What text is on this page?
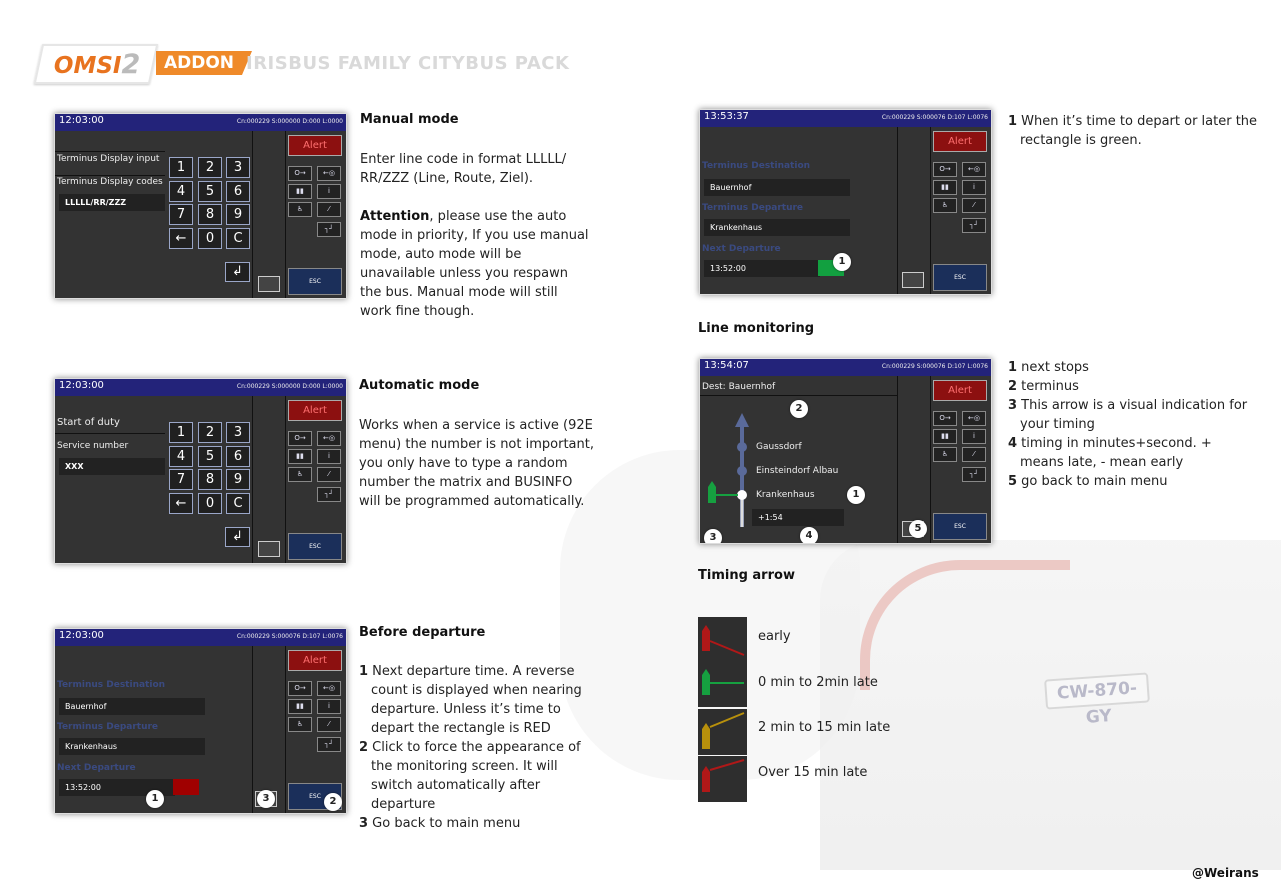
CW-870-GY
OMSI2	ADDON IRISBUS FAMILY CITYBUS PACK
12:03:00	Cn:000229 S:000000 D:000 L:0000
Terminus Display input
Terminus Display codes
LLLLL/RR/ZZZ
1	2	3
4	5	6
7	8	9
←	0	C
↲
Alert
O→	←◎
▮▮	i
♿	⁄
┐┘
ESC
Manual mode
Enter line code in format LLLLL/ RR/ZZZ (Line, Route, Ziel).
Attention, please use the auto mode in priority, If you use manual mode, auto mode will be unavailable unless you respawn the bus. Manual mode will still work fine though.
12:03:00	Cn:000229 S:000000 D:000 L:0000
Start of duty
Service number
XXX
1	2	3
4	5	6
7	8	9
←	0	C
↲
Alert
O→	←◎
▮▮	i
♿	⁄
┐┘
ESC
Automatic mode
Works when a service is active (92E menu) the number is not important, you only have to type a random number the matrix and BUSINFO will be programmed automatically.
12:03:00	Cn:000229 S:000076 D:107 L:0076
Terminus Destination
Bauernhof
Terminus Departure
Krankenhaus
Next Departure
13:52:00
Alert
O→	←◎
▮▮	i
♿	⁄
┐┘
ESC
1	3	2
Before departure
1 Next departure time. A reverse count is displayed when nearing departure. Unless it’s time to depart the rectangle is RED
2 Click to force the appearance of the monitoring screen. It will switch automatically after departure
3 Go back to main menu
13:53:37	Cn:000229 S:000076 D:107 L:0076
Terminus Destination
Bauernhof
Terminus Departure
Krankenhaus
Next Departure
13:52:00
Alert
O→	←◎
▮▮	i
♿	⁄
┐┘
ESC
1
1 When it’s time to depart or later the rectangle is green.
Line monitoring
13:54:07	Cn:000229 S:000076 D:107 L:0076
Dest: Bauernhof
Gaussdorf
Einsteindorf Albau
Krankenhaus
+1:54
Alert
O→	←◎
▮▮	i
♿	⁄
┐┘
ESC
2
1
3	4
5
1 next stops
2 terminus
3 This arrow is a visual indication for your timing
4 timing in minutes+second. + means late, - mean early
5 go back to main menu
Timing arrow
early
0 min to 2min late
2 min to 15 min late
Over 15 min late
@Weirans
